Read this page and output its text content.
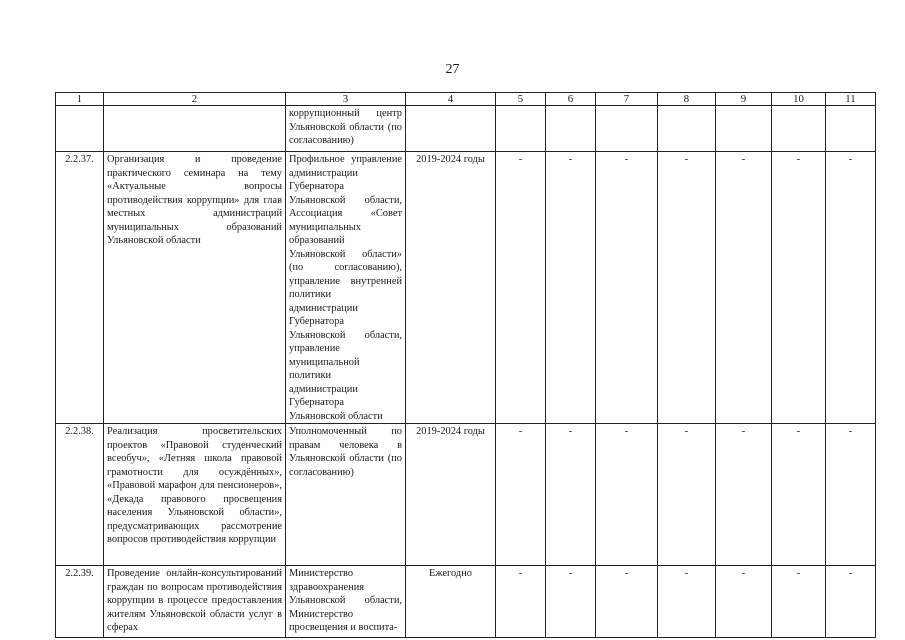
27
1	2	3	4	5	6	7	8	9	10	11
		коррупционный центр Ульяновской области (по согласованию)								
2.2.37.	Организация и проведение практического семинара на тему «Актуальные вопросы противодействия коррупции» для глав местных администраций муниципальных образований Ульяновской области	Профильное управление администрации Губернатора Ульяновской области, Ассоциация «Совет муниципальных образований Ульяновской области» (по согласованию), управление внутренней политики администрации Губернатора Ульяновской области, управление муниципальной политики администрации Губернатора Ульяновской области	2019-2024 годы	-	-	-	-	-	-	-
2.2.38.	Реализация просветительских проектов «Правовой студенческий всеобуч», «Летняя школа правовой грамотности для осуждённых», «Правовой марафон для пенсионеров», «Декада правового просвещения населения Ульяновской области», предусматривающих рассмотрение вопросов противодействия коррупции	Уполномоченный по правам человека в Ульяновской области (по согласованию)	2019-2024 годы	-	-	-	-	-	-	-
2.2.39.	Проведение онлайн-консультирований граждан по вопросам противодействия коррупции в процессе предоставления жителям Ульяновской области услуг в сферах	Министерство здравоохранения Ульяновской области, Министерство просвещения и воспита-	Ежегодно	-	-	-	-	-	-	-
